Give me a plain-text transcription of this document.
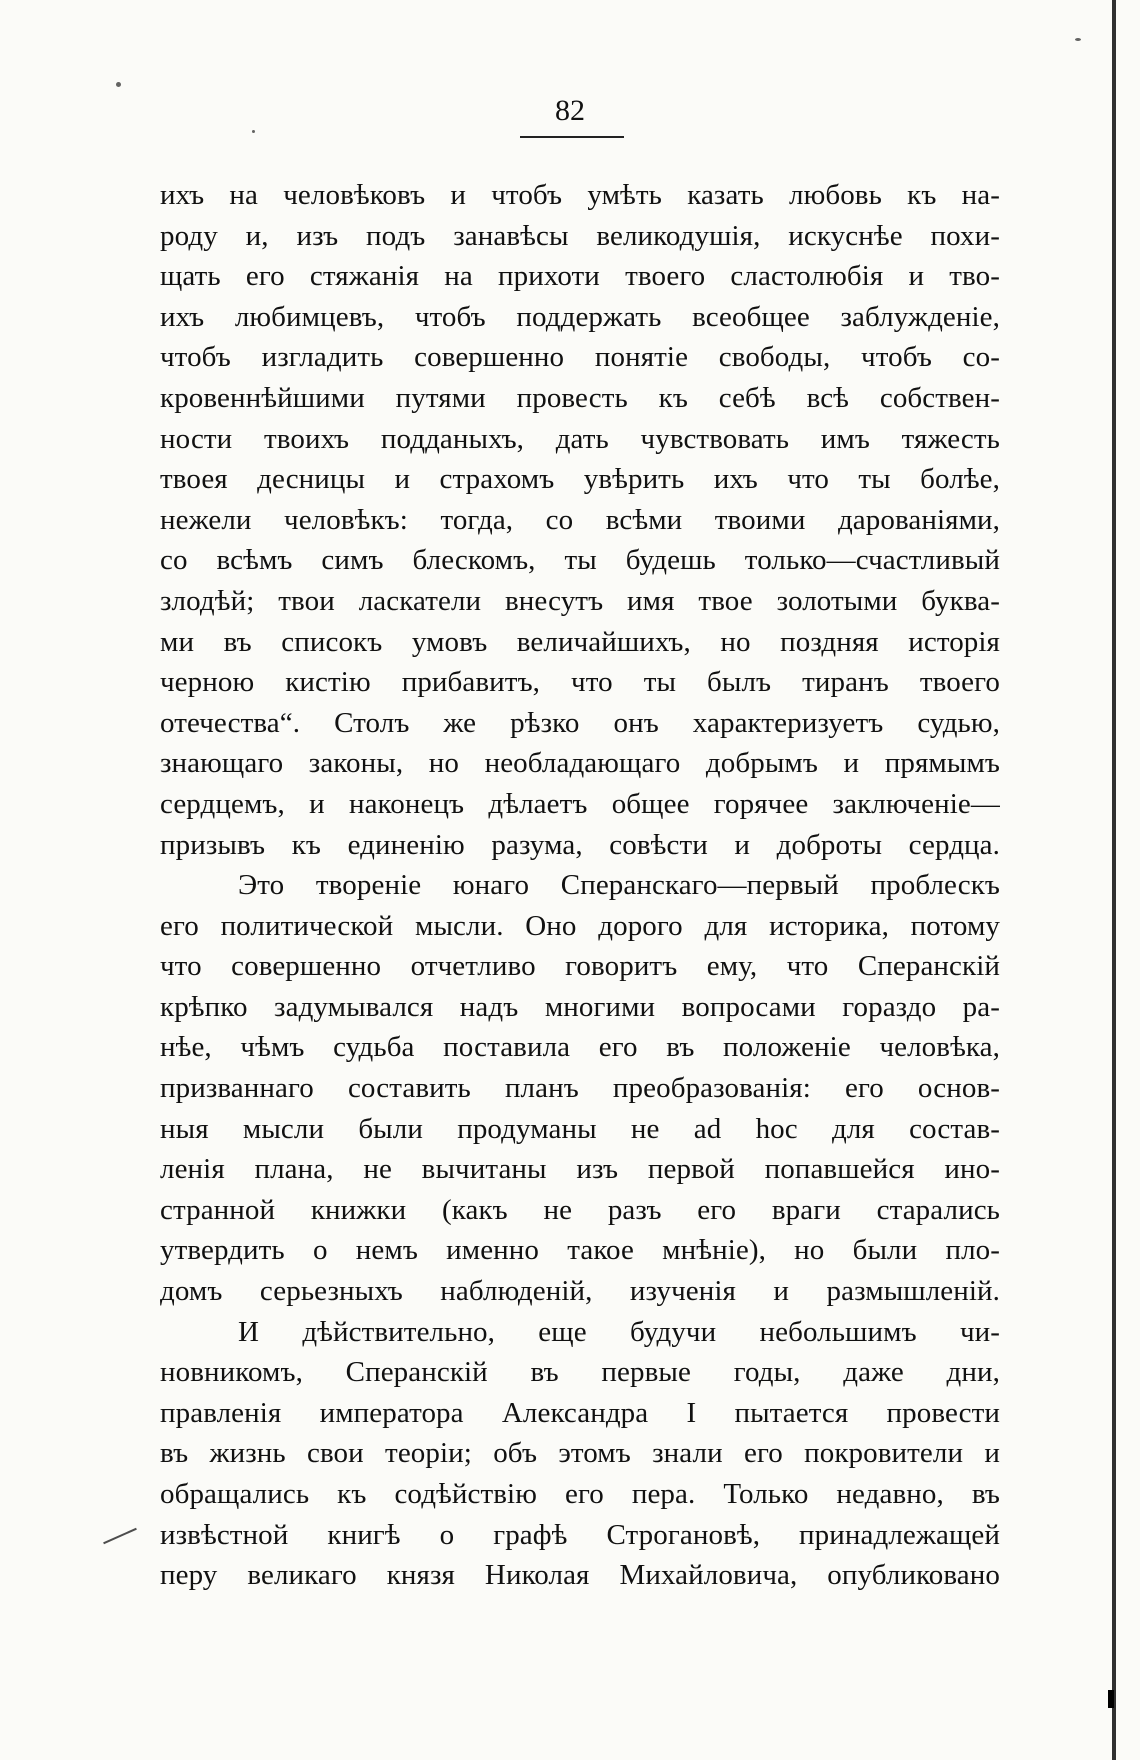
82
ихъ на человѣковъ и чтобъ умѣть казать любовь къ на-
роду и, изъ подъ занавѣсы великодушія, искуснѣе похи-
щать его стяжанія на прихоти твоего сластолюбія и тво-
ихъ любимцевъ, чтобъ поддержать всеобщее заблужденіе,
чтобъ изгладить совершенно понятіе свободы, чтобъ со-
кровеннѣйшими путями провесть къ себѣ всѣ собствен-
ности твоихъ подданыхъ, дать чувствовать имъ тяжесть
твоея десницы и страхомъ увѣрить ихъ что ты болѣе,
нежели человѣкъ: тогда, со всѣми твоими дарованіями,
со всѣмъ симъ блескомъ, ты будешь только—счастливый
злодѣй; твои ласкатели внесутъ имя твое золотыми буква-
ми въ списокъ умовъ величайшихъ, но поздняя исторія
черною кистію прибавитъ, что ты былъ тиранъ твоего
отечества“. Столъ же рѣзко онъ характеризуетъ судью,
знающаго законы, но необладающаго добрымъ и прямымъ
сердцемъ, и наконецъ дѣлаетъ общее горячее заключеніе—
призывъ къ единенію разума, совѣсти и доброты сердца.
Это твореніе юнаго Сперанскаго—первый проблескъ
его политической мысли. Оно дорого для историка, потому
что совершенно отчетливо говоритъ ему, что Сперанскій
крѣпко задумывался надъ многими вопросами гораздо ра-
нѣе, чѣмъ судьба поставила его въ положеніе человѣка,
призваннаго составить планъ преобразованія: его основ-
ныя мысли были продуманы не ad hoc для состав-
ленія плана, не вычитаны изъ первой попавшейся ино-
странной книжки (какъ не разъ его враги старались
утвердить о немъ именно такое мнѣніе), но были пло-
домъ серьезныхъ наблюденій, изученія и размышленій.
И дѣйствительно, еще будучи небольшимъ чи-
новникомъ, Сперанскій въ первые годы, даже дни,
правленія императора Александра I пытается провести
въ жизнь свои теоріи; объ этомъ знали его покровители и
обращались къ содѣйствію его пера. Только недавно, въ
извѣстной книгѣ о графѣ Строгановѣ, принадлежащей
перу великаго князя Николая Михайловича, опубликовано
